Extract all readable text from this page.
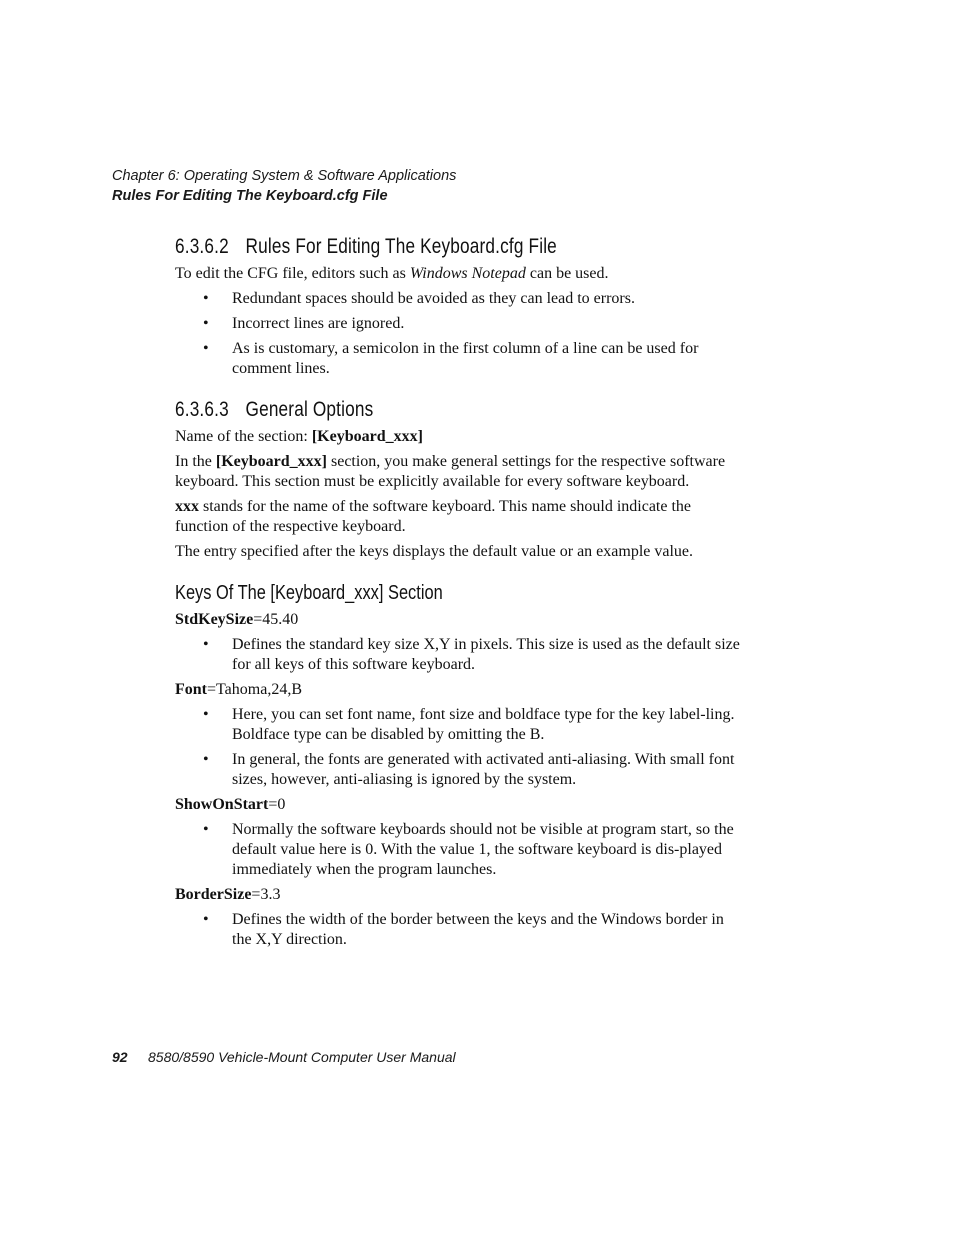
Chapter 6: Operating System & Software Applications
Rules For Editing The Keyboard.cfg File
6.3.6.2 Rules For Editing The Keyboard.cfg File

To edit the CFG file, editors such as Windows Notepad can be used.

• Redundant spaces should be avoided as they can lead to errors.
• Incorrect lines are ignored.
• As is customary, a semicolon in the first column of a line can be used for comment lines.
6.3.6.3 General Options

Name of the section: [Keyboard_xxx]

In the [Keyboard_xxx] section, you make general settings for the respective software keyboard. This section must be explicitly available for every software keyboard.

xxx stands for the name of the software keyboard. This name should indicate the function of the respective keyboard.

The entry specified after the keys displays the default value or an example value.

Keys Of The [Keyboard_xxx] Section

StdKeySize=45.40

• Defines the standard key size X,Y in pixels. This size is used as the default size for all keys of this software keyboard.

Font=Tahoma,24,B

• Here, you can set font name, font size and boldface type for the key label-ling. Boldface type can be disabled by omitting the B.
• In general, the fonts are generated with activated anti-aliasing. With small font sizes, however, anti-aliasing is ignored by the system.

ShowOnStart=0

• Normally the software keyboards should not be visible at program start, so the default value here is 0. With the value 1, the software keyboard is dis-played immediately when the program launches.

BorderSize=3.3

• Defines the width of the border between the keys and the Windows border in the X,Y direction.
92 8580/8590 Vehicle-Mount Computer User Manual
